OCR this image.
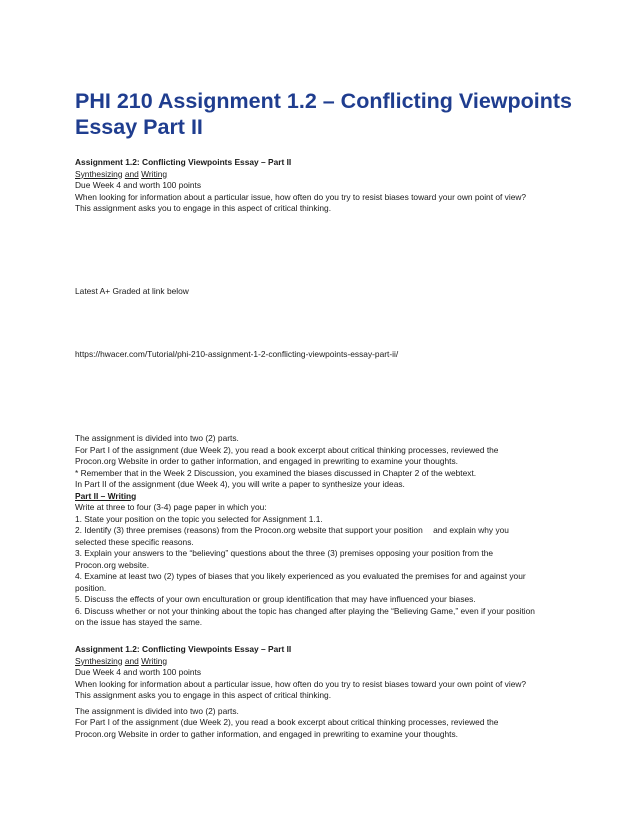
PHI 210 Assignment 1.2 – Conflicting Viewpoints Essay Part II

Assignment 1.2: Conflicting Viewpoints Essay – Part II

Synthesizing and Writing

Due Week 4 and worth 100 points

When looking for information about a particular issue, how often do you try to resist biases toward your own point of view?

This assignment asks you to engage in this aspect of critical thinking.

Latest A+ Graded at link below

https://hwacer.com/Tutorial/phi-210-assignment-1-2-conflicting-viewpoints-essay-part-ii/

The assignment is divided into two (2) parts.

For Part I of the assignment (due Week 2), you read a book excerpt about critical thinking processes, reviewed the

Procon.org Website in order to gather information, and engaged in prewriting to examine your thoughts.

* Remember that in the Week 2 Discussion, you examined the biases discussed in Chapter 2 of the webtext.

In Part II of the assignment (due Week 4), you will write a paper to synthesize your ideas.

Part II – Writing

Write at three to four (3-4) page paper in which you:

1. State your position on the topic you selected for Assignment 1.1.

2. Identify (3) three premises (reasons) from the Procon.org website that support your position and explain why you

selected these specific reasons.

3. Explain your answers to the “believing” questions about the three (3) premises opposing your position from the

Procon.org website.

4. Examine at least two (2) types of biases that you likely experienced as you evaluated the premises for and against your

position.

5. Discuss the effects of your own enculturation or group identification that may have influenced your biases.

6. Discuss whether or not your thinking about the topic has changed after playing the “Believing Game,” even if your position

on the issue has stayed the same.

Assignment 1.2: Conflicting Viewpoints Essay – Part II

Synthesizing and Writing

Due Week 4 and worth 100 points

When looking for information about a particular issue, how often do you try to resist biases toward your own point of view?

This assignment asks you to engage in this aspect of critical thinking.

The assignment is divided into two (2) parts.

For Part I of the assignment (due Week 2), you read a book excerpt about critical thinking processes, reviewed the

Procon.org Website in order to gather information, and engaged in prewriting to examine your thoughts.
